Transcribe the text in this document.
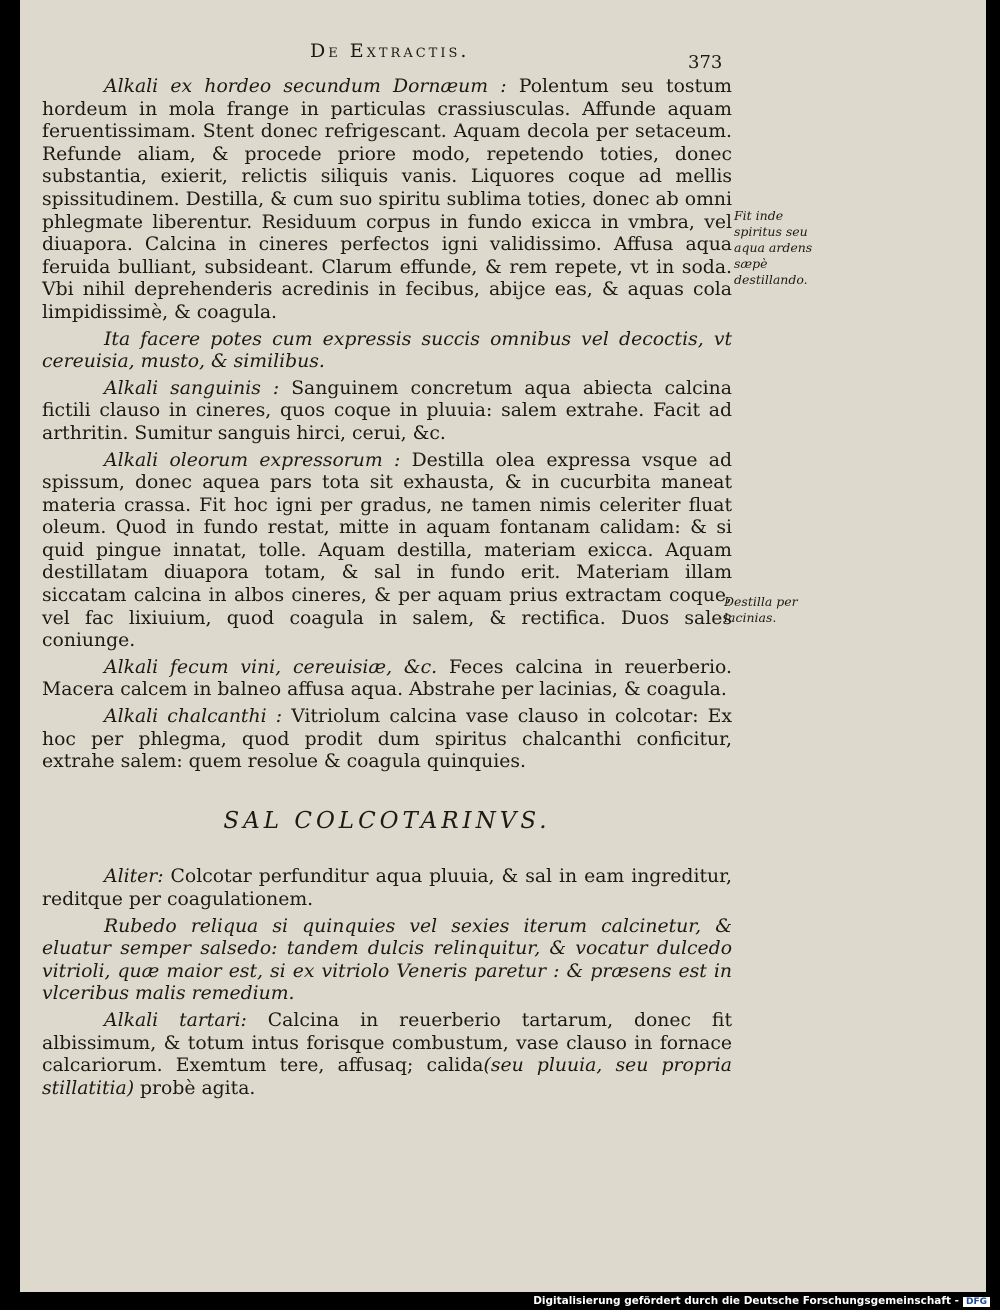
De Extractis.
373

Alkali ex hordeo secundum Dornæum : Polentum seu tostum hordeum in mola frange in particulas crassiusculas. Affunde aquam feruentissimam. Stent donec refrigescant. Aquam decola per setaceum. Refunde aliam, & procede priore modo, repetendo toties, donec substantia, exierit, relictis siliquis vanis. Liquores coque ad mellis spissitudinem. Destilla, & cum suo spiritu sublima toties, donec ab omni phlegmate liberentur. Residuum corpus in fundo exicca in vmbra, vel diuapora. Calcina in cineres perfectos igni validissimo. Affusa aqua feruida bulliant, subsideant. Clarum effunde, & rem repete, vt in soda. Vbi nihil deprehenderis acredinis in fecibus, abijce eas, & aquas cola limpidissimè, & coagula.

Ita facere potes cum expressis succis omnibus vel decoctis, vt cereuisia, musto, & similibus.

Alkali sanguinis : Sanguinem concretum aqua abiecta calcina fictili clauso in cineres, quos coque in pluuia: salem extrahe. Facit ad arthritin. Sumitur sanguis hirci, cerui, &c.

Alkali oleorum expressorum : Destilla olea expressa vsque ad spissum, donec aquea pars tota sit exhausta, & in cucurbita maneat materia crassa. Fit hoc igni per gradus, ne tamen nimis celeriter fluat oleum. Quod in fundo restat, mitte in aquam fontanam calidam: & si quid pingue innatat, tolle. Aquam destilla, materiam exicca. Aquam destillatam diuapora totam, & sal in fundo erit. Materiam illam siccatam calcina in albos cineres, & per aquam prius extractam coque, vel fac lixiuium, quod coagula in salem, & rectifica. Duos sales coniunge.

Alkali fecum vini, cereuisiæ, &c. Feces calcina in reuerberio. Macera calcem in balneo affusa aqua. Abstrahe per lacinias, & coagula.

Alkali chalcanthi : Vitriolum calcina vase clauso in colcotar: Ex hoc per phlegma, quod prodit dum spiritus chalcanthi conficitur, extrahe salem: quem resolue & coagula quinquies.

SAL COLCOTARINVS.

Aliter: Colcotar perfunditur aqua pluuia, & sal in eam ingreditur, reditque per coagulationem.

Rubedo reliqua si quinquies vel sexies iterum calcinetur, & eluatur semper salsedo: tandem dulcis relinquitur, & vocatur dulcedo vitrioli, quæ maior est, si ex vitriolo Veneris paretur : & præsens est in vlceribus malis remedium.

Alkali tartari: Calcina in reuerberio tartarum, donec fit albissimum, & totum intus forisque combustum, vase clauso in fornace calcariorum. Exemtum tere, affusaq; calida(seu pluuia, seu propria stillatitia) probè agita.

Fit inde spiritus seu aqua ardens sæpè destillando.
Destilla per lacinias.
Digitalisierung gefördert durch die Deutsche Forschungsgemeinschaft - DFG
